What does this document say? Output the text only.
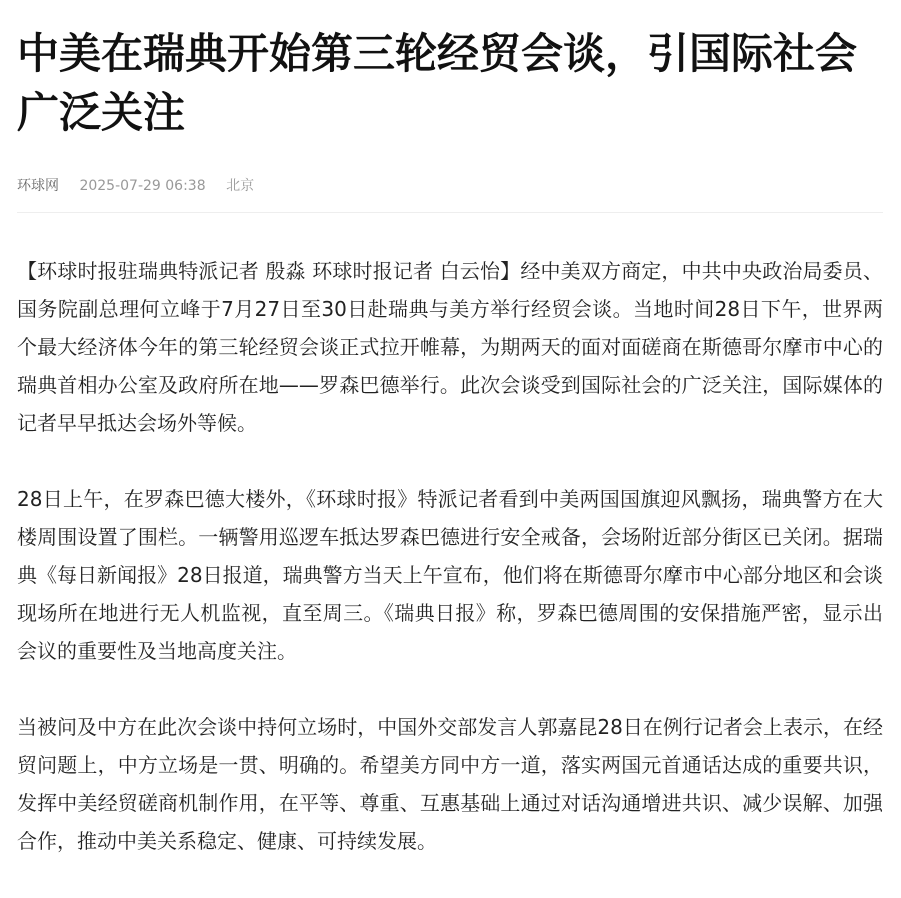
中美在瑞典开始第三轮经贸会谈，引国际社会广泛关注
环球网 2025-07-29 06:38 北京

【环球时报驻瑞典特派记者 殷淼 环球时报记者 白云怡】经中美双方商定，中共中央政治局委员、国务院副总理何立峰于7月27日至30日赴瑞典与美方举行经贸会谈。当地时间28日下午，世界两个最大经济体今年的第三轮经贸会谈正式拉开帷幕，为期两天的面对面磋商在斯德哥尔摩市中心的瑞典首相办公室及政府所在地——罗森巴德举行。此次会谈受到国际社会的广泛关注，国际媒体的记者早早抵达会场外等候。

28日上午，在罗森巴德大楼外，《环球时报》特派记者看到中美两国国旗迎风飘扬，瑞典警方在大楼周围设置了围栏。一辆警用巡逻车抵达罗森巴德进行安全戒备，会场附近部分街区已关闭。据瑞典《每日新闻报》28日报道，瑞典警方当天上午宣布，他们将在斯德哥尔摩市中心部分地区和会谈现场所在地进行无人机监视，直至周三。《瑞典日报》称，罗森巴德周围的安保措施严密，显示出会议的重要性及当地高度关注。

当被问及中方在此次会谈中持何立场时，中国外交部发言人郭嘉昆28日在例行记者会上表示，在经贸问题上，中方立场是一贯、明确的。希望美方同中方一道，落实两国元首通话达成的重要共识，发挥中美经贸磋商机制作用，在平等、尊重、互惠基础上通过对话沟通增进共识、减少误解、加强合作，推动中美关系稳定、健康、可持续发展。
